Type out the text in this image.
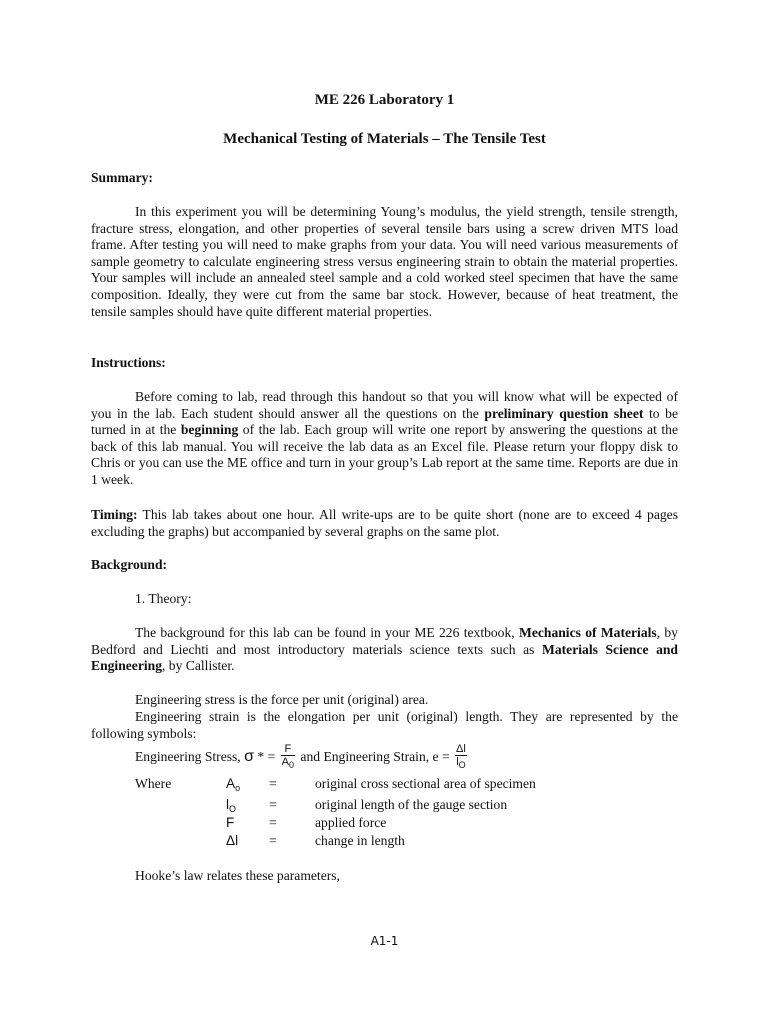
ME 226 Laboratory 1
Mechanical Testing of Materials – The Tensile Test
Summary:
In this experiment you will be determining Young’s modulus, the yield strength, tensile strength, fracture stress, elongation, and other properties of several tensile bars using a screw driven MTS load frame. After testing you will need to make graphs from your data. You will need various measurements of sample geometry to calculate engineering stress versus engineering strain to obtain the material properties. Your samples will include an annealed steel sample and a cold worked steel specimen that have the same composition. Ideally, they were cut from the same bar stock. However, because of heat treatment, the tensile samples should have quite different material properties.
Instructions:
Before coming to lab, read through this handout so that you will know what will be expected of you in the lab. Each student should answer all the questions on the preliminary question sheet to be turned in at the beginning of the lab. Each group will write one report by answering the questions at the back of this lab manual. You will receive the lab data as an Excel file. Please return your floppy disk to Chris or you can use the ME office and turn in your group’s Lab report at the same time. Reports are due in 1 week.
Timing: This lab takes about one hour. All write-ups are to be quite short (none are to exceed 4 pages excluding the graphs) but accompanied by several graphs on the same plot.
Background:
1. Theory:
The background for this lab can be found in your ME 226 textbook, Mechanics of Materials, by Bedford and Liechti and most introductory materials science texts such as Materials Science and Engineering, by Callister.
Engineering stress is the force per unit (original) area.
Engineering strain is the elongation per unit (original) length. They are represented by the following symbols:
Engineering Stress, σ * = $\frac{F}{A_0}$ and Engineering Strain, $e = \frac{\Delta l}{l_O}$
Where	$A_o$ =	original cross sectional area of specimen
$l_O$ =	original length of the gauge section
F	=	applied force
Δl =	change in length
Hooke’s law relates these parameters,
A1-1
